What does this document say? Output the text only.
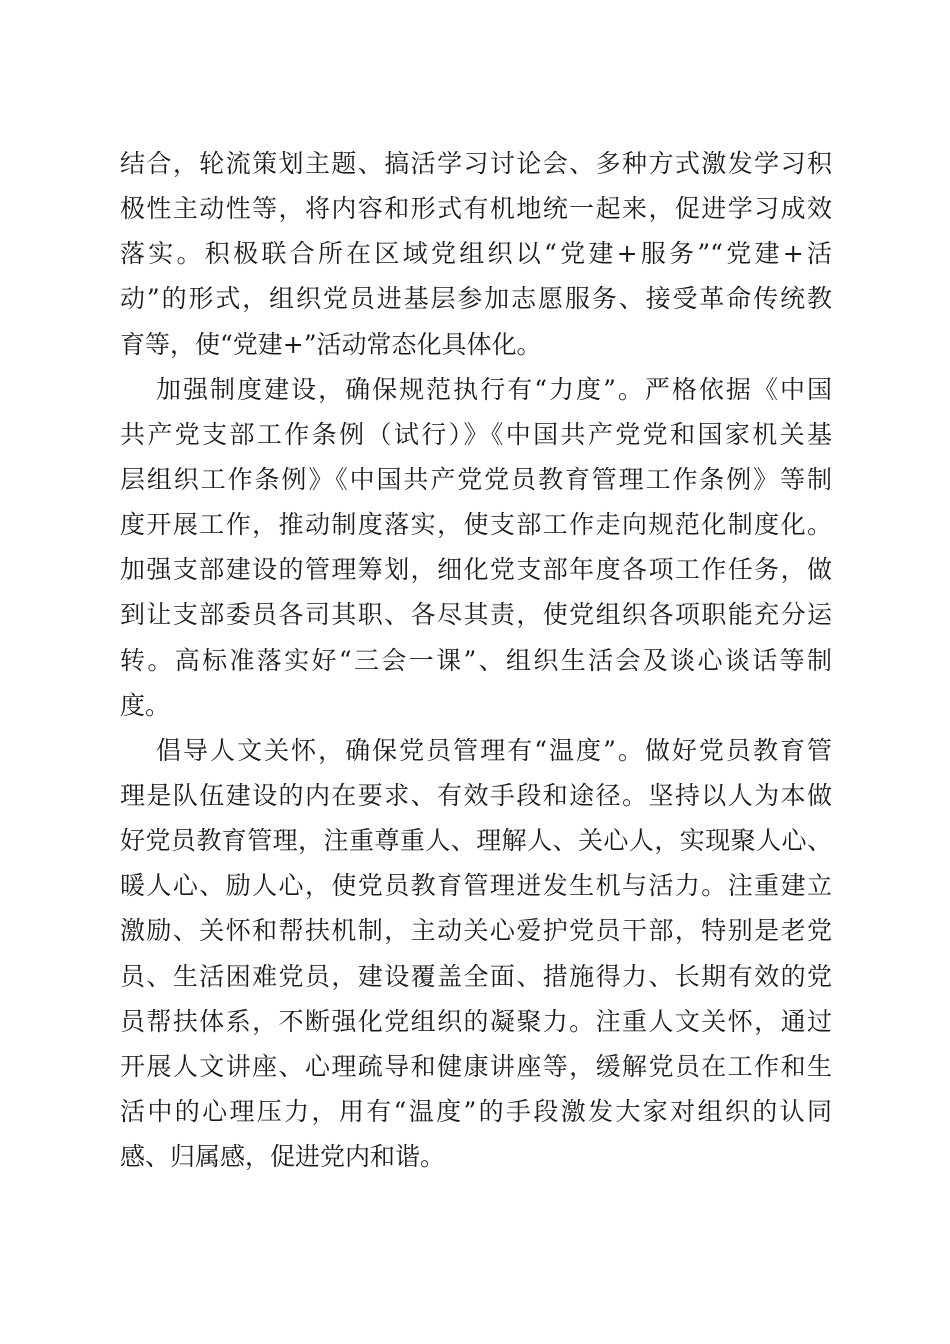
结合，轮流策划主题、搞活学习讨论会、多种方式激发学习积
极性主动性等，将内容和形式有机地统一起来，促进学习成效
落实。积极联合所在区域党组织以“党建+服务”“党建+活
动”的形式，组织党员进基层参加志愿服务、接受革命传统教
育等，使“党建+”活动常态化具体化。
加强制度建设，确保规范执行有“力度”。严格依据《中国
共产党支部工作条例（试行）》《中国共产党党和国家机关基
层组织工作条例》《中国共产党党员教育管理工作条例》等制
度开展工作，推动制度落实，使支部工作走向规范化制度化。
加强支部建设的管理筹划，细化党支部年度各项工作任务，做
到让支部委员各司其职、各尽其责，使党组织各项职能充分运
转。高标准落实好“三会一课”、组织生活会及谈心谈话等制
度。
倡导人文关怀，确保党员管理有“温度”。做好党员教育管
理是队伍建设的内在要求、有效手段和途径。坚持以人为本做
好党员教育管理，注重尊重人、理解人、关心人，实现聚人心、
暖人心、励人心，使党员教育管理迸发生机与活力。注重建立
激励、关怀和帮扶机制，主动关心爱护党员干部，特别是老党
员、生活困难党员，建设覆盖全面、措施得力、长期有效的党
员帮扶体系，不断强化党组织的凝聚力。注重人文关怀，通过
开展人文讲座、心理疏导和健康讲座等，缓解党员在工作和生
活中的心理压力，用有“温度”的手段激发大家对组织的认同
感、归属感，促进党内和谐。
